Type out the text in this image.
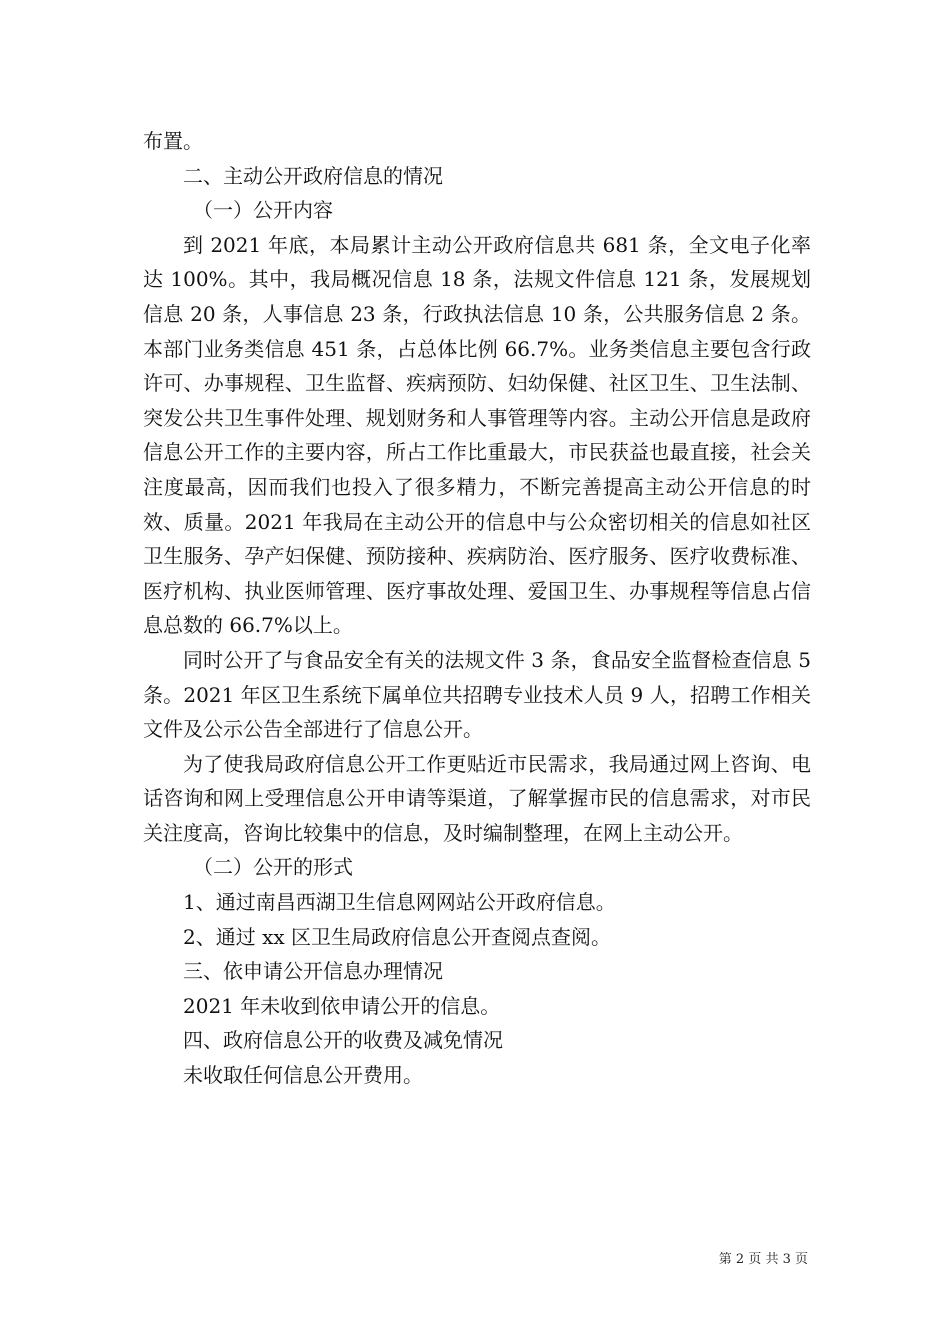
布置。

二、主动公开政府信息的情况

（一）公开内容

到 2021 年底，本局累计主动公开政府信息共 681 条，全文电子化率达 100%。其中，我局概况信息 18 条，法规文件信息 121 条，发展规划信息 20 条，人事信息 23 条，行政执法信息 10 条，公共服务信息 2 条。本部门业务类信息 451 条，占总体比例 66.7%。业务类信息主要包含行政许可、办事规程、卫生监督、疾病预防、妇幼保健、社区卫生、卫生法制、突发公共卫生事件处理、规划财务和人事管理等内容。主动公开信息是政府信息公开工作的主要内容，所占工作比重最大，市民获益也最直接，社会关注度最高，因而我们也投入了很多精力，不断完善提高主动公开信息的时效、质量。2021 年我局在主动公开的信息中与公众密切相关的信息如社区卫生服务、孕产妇保健、预防接种、疾病防治、医疗服务、医疗收费标准、医疗机构、执业医师管理、医疗事故处理、爱国卫生、办事规程等信息占信息总数的 66.7%以上。

同时公开了与食品安全有关的法规文件 3 条，食品安全监督检查信息 5 条。2021 年区卫生系统下属单位共招聘专业技术人员 9 人，招聘工作相关文件及公示公告全部进行了信息公开。

为了使我局政府信息公开工作更贴近市民需求，我局通过网上咨询、电话咨询和网上受理信息公开申请等渠道，了解掌握市民的信息需求，对市民关注度高，咨询比较集中的信息，及时编制整理，在网上主动公开。

（二）公开的形式

1、通过南昌西湖卫生信息网网站公开政府信息。

2、通过 xx 区卫生局政府信息公开查阅点查阅。

三、依申请公开信息办理情况

2021 年未收到依申请公开的信息。

四、政府信息公开的收费及减免情况

未收取任何信息公开费用。

第 2 页 共 3 页
